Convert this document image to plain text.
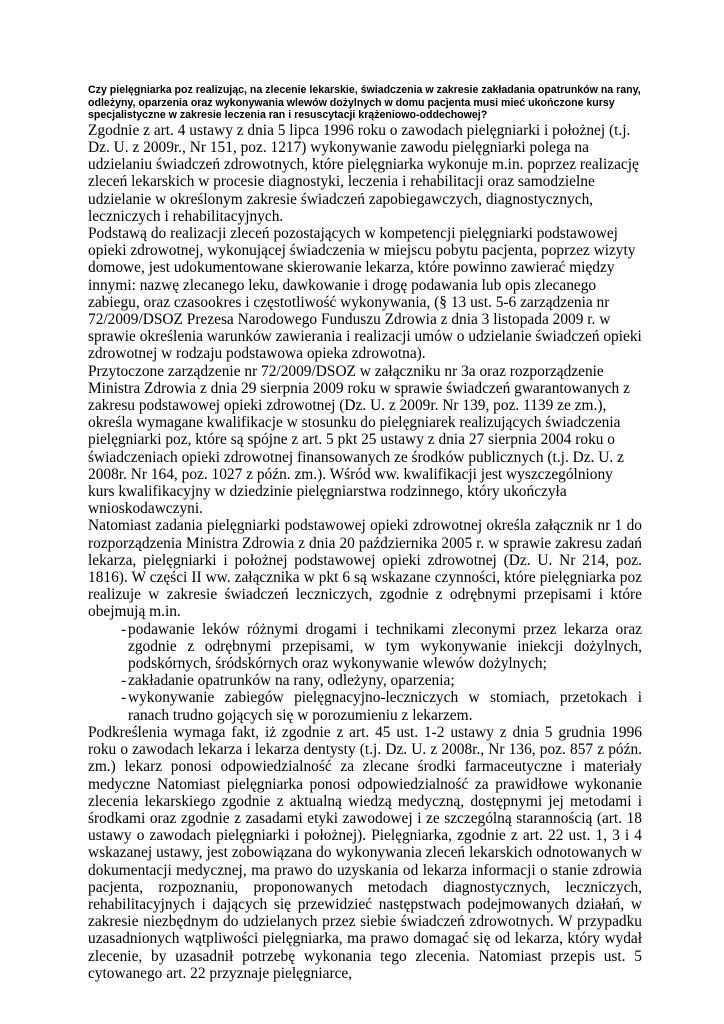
Czy pielęgniarka poz realizując, na zlecenie lekarskie, świadczenia w zakresie zakładania opatrunków na rany, odleżyny, oparzenia oraz wykonywania wlewów dożylnych w domu pacjenta musi mieć ukończone kursy specjalistyczne w zakresie leczenia ran i resuscytacji krążeniowo-oddechowej?

Zgodnie z art. 4 ustawy z dnia 5 lipca 1996 roku o zawodach pielęgniarki i położnej (t.j. Dz. U. z 2009r., Nr 151, poz. 1217) wykonywanie zawodu pielęgniarki polega na udzielaniu świadczeń zdrowotnych, które pielęgniarka wykonuje m.in. poprzez realizację zleceń lekarskich w procesie diagnostyki, leczenia i rehabilitacji oraz samodzielne udzielanie w określonym zakresie świadczeń zapobiegawczych, diagnostycznych, leczniczych i rehabilitacyjnych.

Podstawą do realizacji zleceń pozostających w kompetencji pielęgniarki podstawowej opieki zdrowotnej, wykonującej świadczenia w miejscu pobytu pacjenta, poprzez wizyty domowe, jest udokumentowane skierowanie lekarza, które powinno zawierać między innymi: nazwę zlecanego leku, dawkowanie i drogę podawania lub opis zlecanego zabiegu, oraz czasookres i częstotliwość wykonywania, (§ 13 ust. 5-6 zarządzenia nr 72/2009/DSOZ Prezesa Narodowego Funduszu Zdrowia z dnia 3 listopada 2009 r. w sprawie określenia warunków zawierania i realizacji umów o udzielanie świadczeń opieki zdrowotnej w rodzaju podstawowa opieka zdrowotna).

Przytoczone zarządzenie nr 72/2009/DSOZ w załączniku nr 3a oraz rozporządzenie Ministra Zdrowia z dnia 29 sierpnia 2009 roku w sprawie świadczeń gwarantowanych z zakresu podstawowej opieki zdrowotnej (Dz. U. z 2009r. Nr 139, poz. 1139 ze zm.), określa wymagane kwalifikacje w stosunku do pielęgniarek realizujących świadczenia pielęgniarki poz, które są spójne z art. 5 pkt 25 ustawy z dnia 27 sierpnia 2004 roku o świadczeniach opieki zdrowotnej finansowanych ze środków publicznych (t.j. Dz. U. z 2008r. Nr 164, poz. 1027 z późn. zm.). Wśród ww. kwalifikacji jest wyszczególniony kurs kwalifikacyjny w dziedzinie pielęgniarstwa rodzinnego, który ukończyła wnioskodawczyni.

Natomiast zadania pielęgniarki podstawowej opieki zdrowotnej określa załącznik nr 1 do rozporządzenia Ministra Zdrowia z dnia 20 października 2005 r. w sprawie zakresu zadań lekarza, pielęgniarki i położnej podstawowej opieki zdrowotnej (Dz. U. Nr 214, poz. 1816). W części II ww. załącznika w pkt 6 są wskazane czynności, które pielęgniarka poz realizuje w zakresie świadczeń leczniczych, zgodnie z odrębnymi przepisami i które obejmują m.in.

- podawanie leków różnymi drogami i technikami zleconymi przez lekarza oraz zgodnie z odrębnymi przepisami, w tym wykonywanie iniekcji dożylnych, podskórnych, śródskórnych oraz wykonywanie wlewów dożylnych;
- zakładanie opatrunków na rany, odleżyny, oparzenia;
- wykonywanie zabiegów pielęgnacyjno-leczniczych w stomiach, przetokach i ranach trudno gojących się w porozumieniu z lekarzem.

Podkreślenia wymaga fakt, iż zgodnie z art. 45 ust. 1-2 ustawy z dnia 5 grudnia 1996 roku o zawodach lekarza i lekarza dentysty (t.j. Dz. U. z 2008r., Nr 136, poz. 857 z późn. zm.) lekarz ponosi odpowiedzialność za zlecane środki farmaceutyczne i materiały medyczne Natomiast pielęgniarka ponosi odpowiedzialność za prawidłowe wykonanie zlecenia lekarskiego zgodnie z aktualną wiedzą medyczną, dostępnymi jej metodami i środkami oraz zgodnie z zasadami etyki zawodowej i ze szczególną starannością (art. 18 ustawy o zawodach pielęgniarki i położnej). Pielęgniarka, zgodnie z art. 22 ust. 1, 3 i 4 wskazanej ustawy, jest zobowiązana do wykonywania zleceń lekarskich odnotowanych w dokumentacji medycznej, ma prawo do uzyskania od lekarza informacji o stanie zdrowia pacjenta, rozpoznaniu, proponowanych metodach diagnostycznych, leczniczych, rehabilitacyjnych i dających się przewidzieć następstwach podejmowanych działań, w zakresie niezbędnym do udzielanych przez siebie świadczeń zdrowotnych. W przypadku uzasadnionych wątpliwości pielęgniarka, ma prawo domagać się od lekarza, który wydał zlecenie, by uzasadnił potrzebę wykonania tego zlecenia. Natomiast przepis ust. 5 cytowanego art. 22 przyznaje pielęgniarce,
